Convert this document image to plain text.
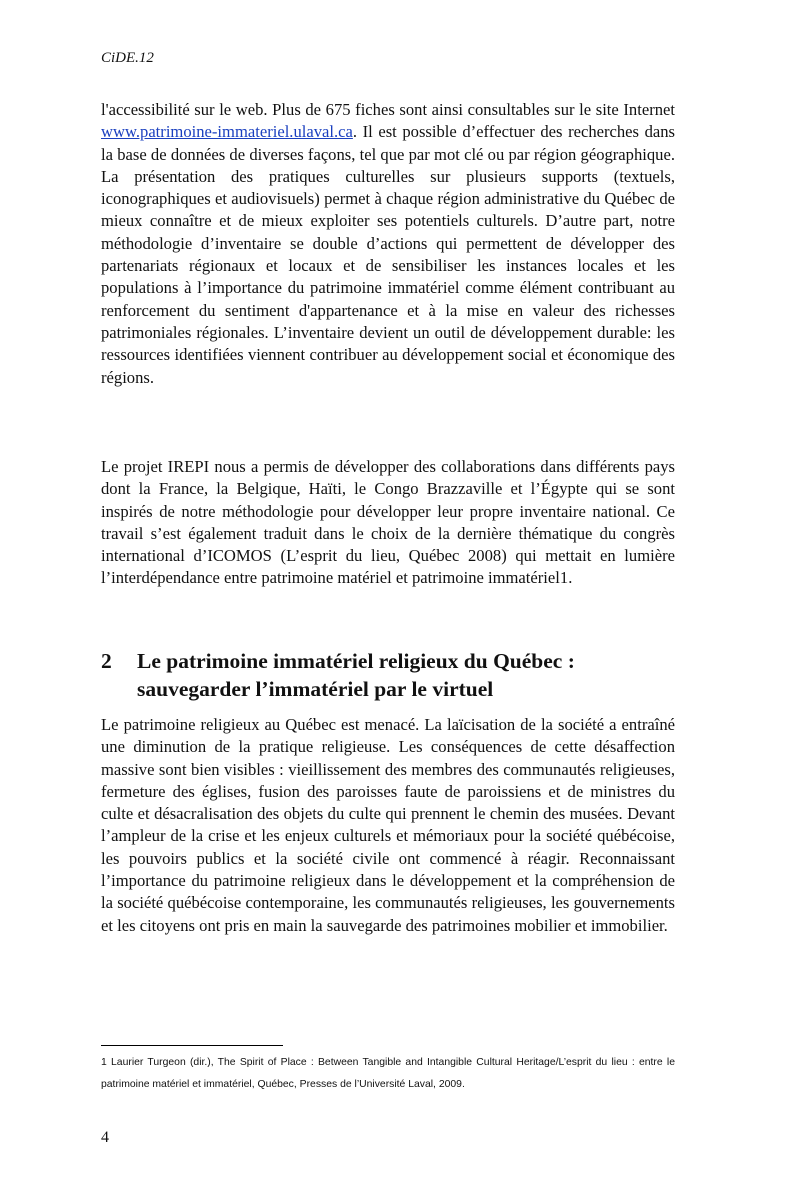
CiDE.12

l'accessibilité sur le web. Plus de 675 fiches sont ainsi consultables sur le site Internet www.patrimoine-immateriel.ulaval.ca. Il est possible d’effectuer des recherches dans la base de données de diverses façons, tel que par mot clé ou par région géographique. La présentation des pratiques culturelles sur plusieurs supports (textuels, iconographiques et audiovisuels) permet à chaque région administrative du Québec de mieux connaître et de mieux exploiter ses potentiels culturels. D’autre part, notre méthodologie d’inventaire se double d’actions qui permettent de développer des partenariats régionaux et locaux et de sensibiliser les instances locales et les populations à l’importance du patrimoine immatériel comme élément contribuant au renforcement du sentiment d'appartenance et à la mise en valeur des richesses patrimoniales régionales. L’inventaire devient un outil de développement durable: les ressources identifiées viennent contribuer au développement social et économique des régions.

Le projet IREPI nous a permis de développer des collaborations dans différents pays dont la France, la Belgique, Haïti, le Congo Brazzaville et l’Égypte qui se sont inspirés de notre méthodologie pour développer leur propre inventaire national. Ce travail s’est également traduit dans le choix de la dernière thématique du congrès international d’ICOMOS (L’esprit du lieu, Québec 2008) qui mettait en lumière l’interdépendance entre patrimoine matériel et patrimoine immatériel1.

2 Le patrimoine immatériel religieux du Québec :
sauvegarder l’immatériel par le virtuel

Le patrimoine religieux au Québec est menacé. La laïcisation de la société a entraîné une diminution de la pratique religieuse. Les conséquences de cette désaffection massive sont bien visibles : vieillissement des membres des communautés religieuses, fermeture des églises, fusion des paroisses faute de paroissiens et de ministres du culte et désacralisation des objets du culte qui prennent le chemin des musées. Devant l’ampleur de la crise et les enjeux culturels et mémoriaux pour la société québécoise, les pouvoirs publics et la société civile ont commencé à réagir. Reconnaissant l’importance du patrimoine religieux dans le développement et la compréhension de la société québécoise contemporaine, les communautés religieuses, les gouvernements et les citoyens ont pris en main la sauvegarde des patrimoines mobilier et immobilier.

1 Laurier Turgeon (dir.), The Spirit of Place : Between Tangible and Intangible Cultural Heritage/L’esprit du lieu : entre le patrimoine matériel et immatériel, Québec, Presses de l’Université Laval, 2009.

4
